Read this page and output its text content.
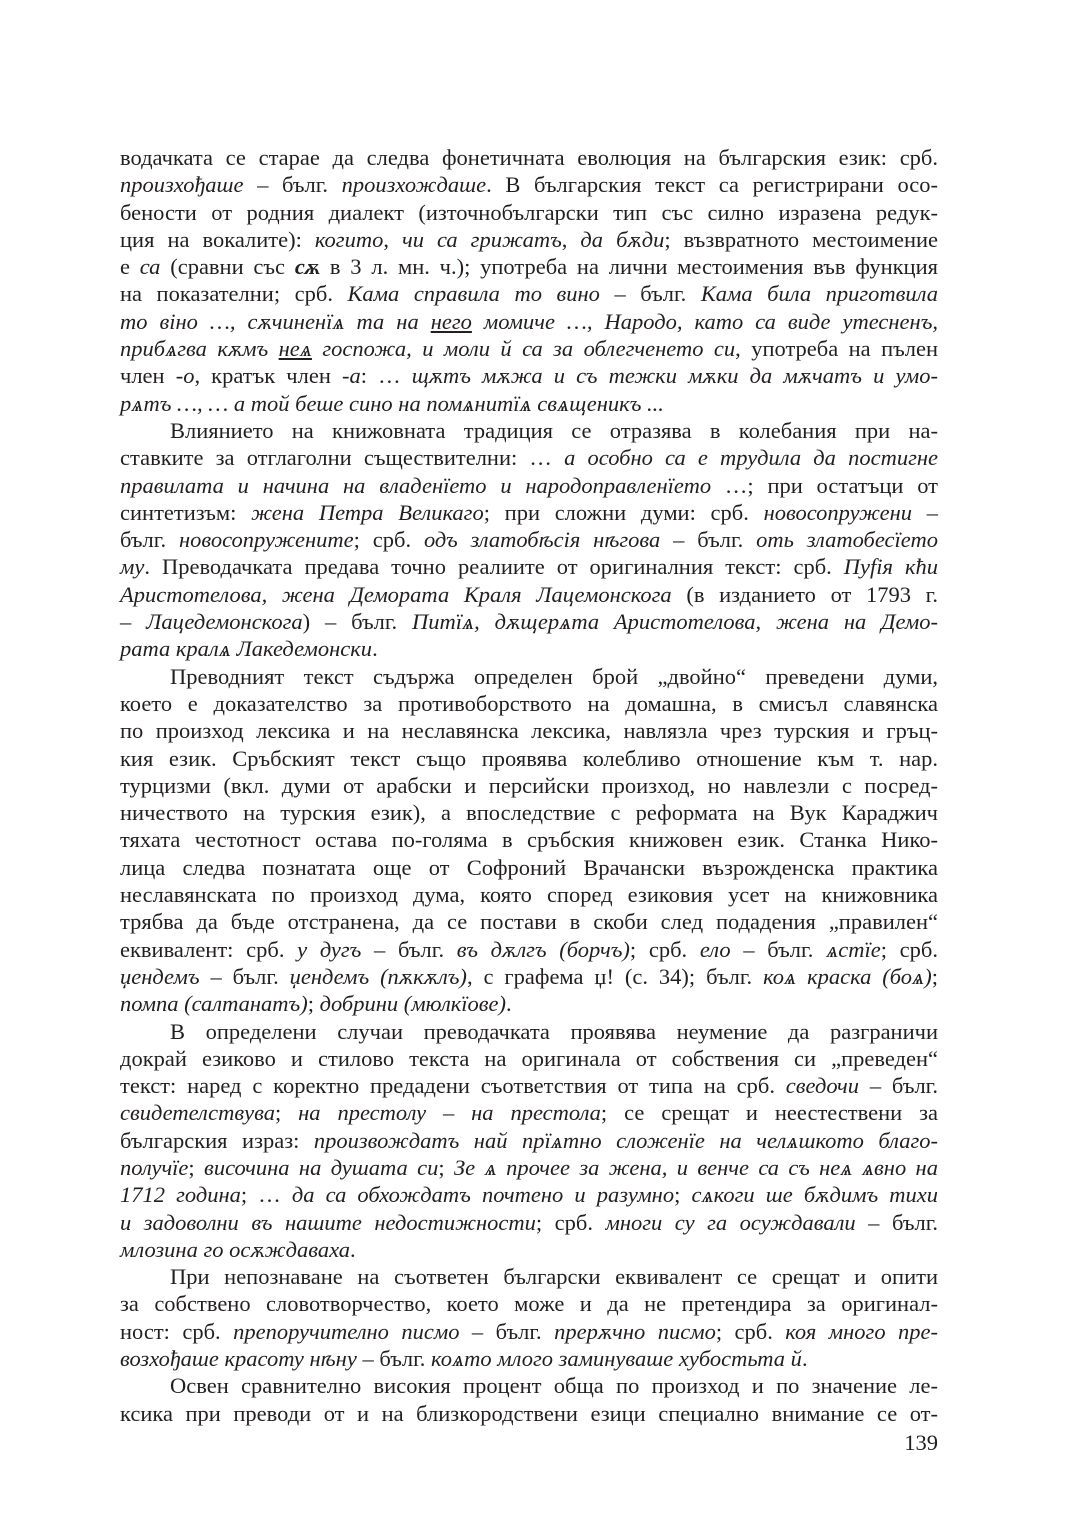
водачката се старае да следва фонетичната еволюция на българския език: срб.
произхођаше – бълг. произхождаше. В българския текст са регистрирани осо-
бености от родния диалект (източнобългарски тип със силно изразена редук-
ция на вокалите): когито, чи са грижатъ, да бѫди; възвратното местоимение
е са (сравни със сѫ в 3 л. мн. ч.); употреба на лични местоимения във функция
на показателни; срб. Кама справила то вино – бълг. Кама била приготвила
то віно …, сѫчиненїѧ та на него момиче …, Народо, като са виде утесненъ,
прибѧгва кѫмъ неѧ госпожа, и моли й са за облегченето си, употреба на пълен
член -о, кратък член -а: … щѫтъ мѫжа и съ тежки мѫки да мѫчатъ и умо-
рѧтъ …, … а той беше сино на помѧнитїѧ свѧщеникъ ...
Влиянието на книжовната традиция се отразява в колебания при на-
ставките за отглаголни съществителни: … а особно са е трудила да постигне
правилата и начина на владенїето и народоправленїето …; при остатъци от
синтетизъм: жена Петра Великаго; при сложни думи: срб. новосопружени –
бълг. новосопружените; срб. одъ златобѣсія нѣгова – бълг. оть златобесїето
му. Преводачката предава точно реалиите от оригиналния текст: срб. Пуfія кћи
Аристотелова, жена Демората Краля Лацемонскога (в изданието от 1793 г.
– Лацедемонскога) – бълг. Питїѧ, дѫщерѧта Аристотелова, жена на Демо-
рата кралѧ Лакедемонски.
Преводният текст съдържа определен брой „двойно“ преведени думи,
което е доказателство за противоборството на домашна, в смисъл славянска
по произход лексика и на неславянска лексика, навлязла чрез турския и гръц-
кия език. Сръбският текст също проявява колебливо отношение към т. нар.
турцизми (вкл. думи от арабски и персийски произход, но навлезли с посред-
ничеството на турския език), а впоследствие с реформата на Вук Караджич
тяхата честотност остава по-голяма в сръбския книжовен език. Станка Нико-
лица следва познатата още от Софроний Врачански възрожденска практика
неславянската по произход дума, която според езиковия усет на книжовника
трябва да бъде отстранена, да се постави в скоби след подадения „правилен“
еквивалент: срб. у дугъ – бълг. въ дѫлгъ (борчъ); срб. ело – бълг. ѧстїе; срб.
џендемъ – бълг. џендемъ (пѫкѫлъ), с графема џ! (с. 34); бълг. коѧ краска (боѧ);
помпа (салтанатъ); добрини (мюлкїове).
В определени случаи преводачката проявява неумение да разграничи
докрай езиково и стилово текста на оригинала от собствения си „преведен“
текст: наред с коректно предадени съответствия от типа на срб. сведочи – бълг.
свидетелствува; на престолу – на престола; се срещат и неестествени за
българския израз: произвождатъ най прїѧтно сложенїе на челѧшкото благо-
получїе; височина на душата си; Зе ѧ прочее за жена, и венче са съ неѧ ѧвно на
1712 година; … да са обхождатъ почтено и разумно; сѧкоги ше бѫдимъ тихи
и задоволни въ нашите недостижности; срб. многи су га осуждавали – бълг.
млозина го осѫждаваха.
При непознаване на съответен български еквивалент се срещат и опити
за собствено словотворчество, което може и да не претендира за оригинал-
ност: срб. препоручително писмо – бълг. прерѫчно писмо; срб. коя много пре-
возхођаше красоту нѣну – бълг. коѧто млого заминуваше хубостьта й.
Освен сравнително високия процент обща по произход и по значение ле-
ксика при преводи от и на близкородствени езици специално внимание се от-
139
